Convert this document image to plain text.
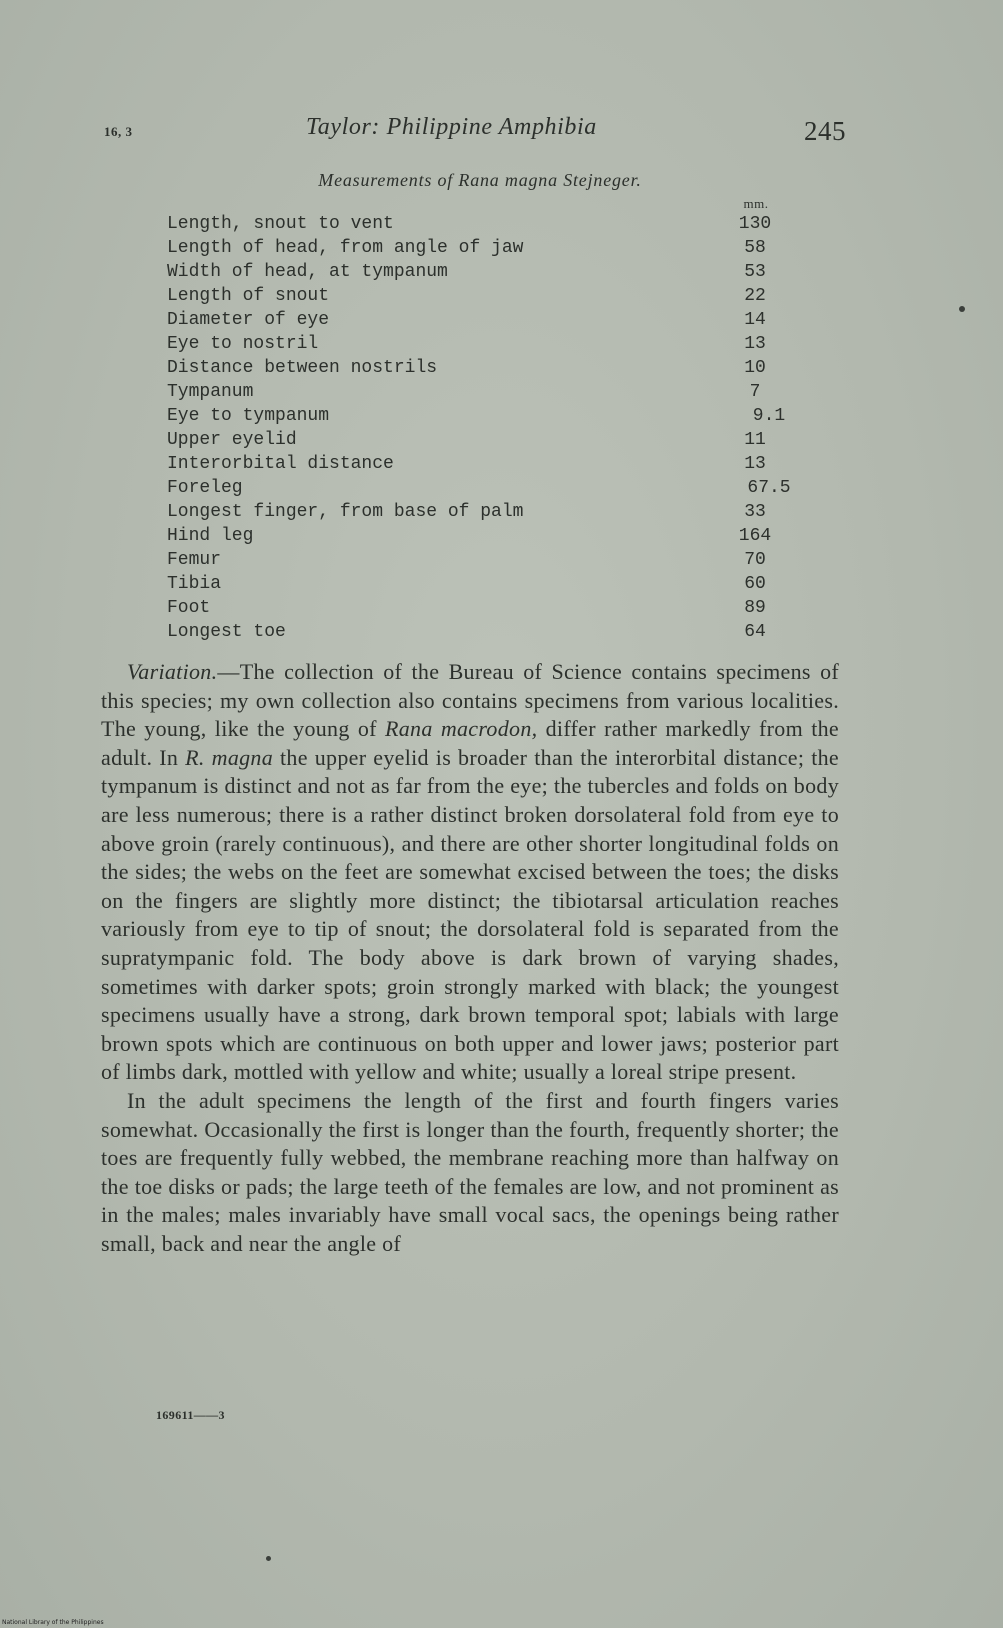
16, 3	Taylor: Philippine Amphibia	245
Measurements of Rana magna Stejneger.
mm.
Length, snout to vent	130
Length of head, from angle of jaw	58
Width of head, at tympanum	53
Length of snout	22
Diameter of eye	14
Eye to nostril	13
Distance between nostrils	10
Tympanum	7
Eye to tympanum	9.1
Upper eyelid	11
Interorbital distance	13
Foreleg	67.5
Longest finger, from base of palm	33
Hind leg	164
Femur	70
Tibia	60
Foot	89
Longest toe	64

Variation.—The collection of the Bureau of Science contains specimens of this species; my own collection also contains specimens from various localities. The young, like the young of Rana macrodon, differ rather markedly from the adult. In R. magna the upper eyelid is broader than the interorbital distance; the tympanum is distinct and not as far from the eye; the tubercles and folds on body are less numerous; there is a rather distinct broken dorsolateral fold from eye to above groin (rarely continuous), and there are other shorter longitudinal folds on the sides; the webs on the feet are somewhat excised between the toes; the disks on the fingers are slightly more distinct; the tibiotarsal articulation reaches variously from eye to tip of snout; the dorsolateral fold is separated from the supratympanic fold. The body above is dark brown of varying shades, sometimes with darker spots; groin strongly marked with black; the youngest specimens usually have a strong, dark brown temporal spot; labials with large brown spots which are continuous on both upper and lower jaws; posterior part of limbs dark, mottled with yellow and white; usually a loreal stripe present.

In the adult specimens the length of the first and fourth fingers varies somewhat. Occasionally the first is longer than the fourth, frequently shorter; the toes are frequently fully webbed, the membrane reaching more than halfway on the toe disks or pads; the large teeth of the females are low, and not prominent as in the males; males invariably have small vocal sacs, the openings being rather small, back and near the angle of

169611——3
National Library of the Philippines
